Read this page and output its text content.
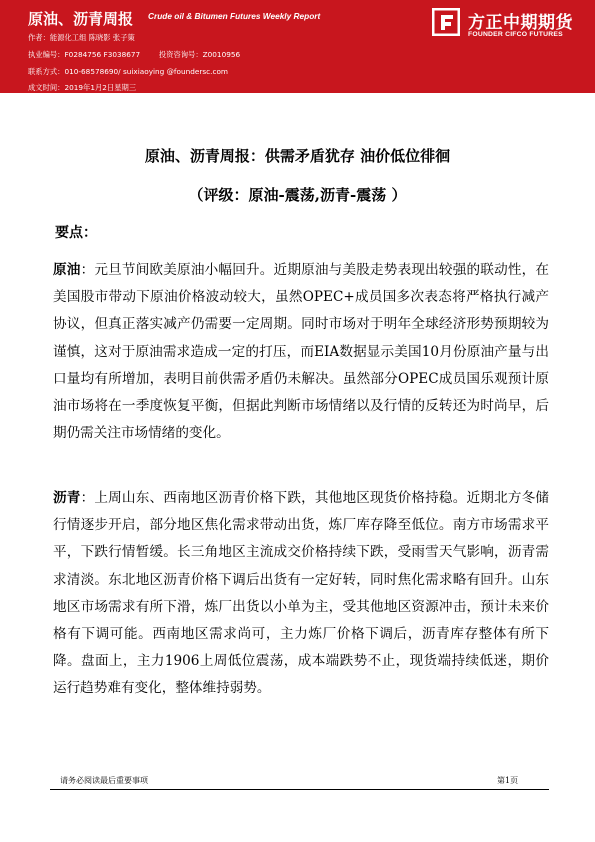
原油、沥青周报 Crude oil & Bitumen Futures Weekly Report
作者：能源化工组 陈晓影 张子策
执业编号：F0284756 F3038677	投资咨询号：Z0010956
联系方式：010-68578690/ suixiaoying @foundersc.com
成文时间：2019年1月2日星期三
方正中期期货
FOUNDER CIFCO FUTURES
原油、沥青周报：供需矛盾犹存 油价低位徘徊
（评级：原油-震荡,沥青-震荡 ）
要点：
原油：元旦节间欧美原油小幅回升。近期原油与美股走势表现出较强的联动性，在美国股市带动下原油价格波动较大，虽然OPEC+成员国多次表态将严格执行减产协议，但真正落实减产仍需要一定周期。同时市场对于明年全球经济形势预期较为谨慎，这对于原油需求造成一定的打压，而EIA数据显示美国10月份原油产量与出口量均有所增加，表明目前供需矛盾仍未解决。虽然部分OPEC成员国乐观预计原油市场将在一季度恢复平衡，但据此判断市场情绪以及行情的反转还为时尚早，后期仍需关注市场情绪的变化。
沥青：上周山东、西南地区沥青价格下跌，其他地区现货价格持稳。近期北方冬储行情逐步开启，部分地区焦化需求带动出货，炼厂库存降至低位。南方市场需求平平，下跌行情暂缓。长三角地区主流成交价格持续下跌，受雨雪天气影响，沥青需求清淡。东北地区沥青价格下调后出货有一定好转，同时焦化需求略有回升。山东地区市场需求有所下滑，炼厂出货以小单为主，受其他地区资源冲击，预计未来价格有下调可能。西南地区需求尚可，主力炼厂价格下调后，沥青库存整体有所下降。盘面上，主力1906上周低位震荡，成本端跌势不止，现货端持续低迷，期价运行趋势难有变化，整体维持弱势。
请务必阅读最后重要事项	第1页
